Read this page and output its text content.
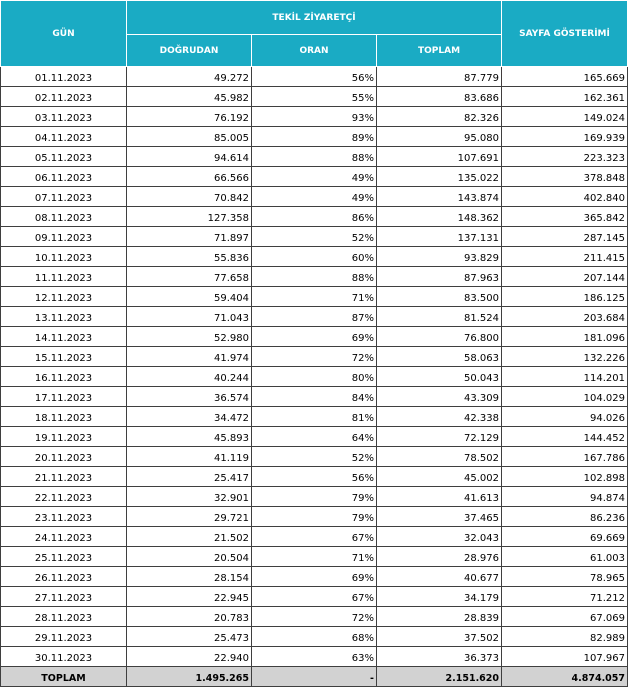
GÜN	TEKİL ZİYARETÇİ			SAYFA GÖSTERİMİ
	DOĞRUDAN	ORAN	TOPLAM	
01.11.2023	49.272	56%	87.779	165.669
02.11.2023	45.982	55%	83.686	162.361
03.11.2023	76.192	93%	82.326	149.024
04.11.2023	85.005	89%	95.080	169.939
05.11.2023	94.614	88%	107.691	223.323
06.11.2023	66.566	49%	135.022	378.848
07.11.2023	70.842	49%	143.874	402.840
08.11.2023	127.358	86%	148.362	365.842
09.11.2023	71.897	52%	137.131	287.145
10.11.2023	55.836	60%	93.829	211.415
11.11.2023	77.658	88%	87.963	207.144
12.11.2023	59.404	71%	83.500	186.125
13.11.2023	71.043	87%	81.524	203.684
14.11.2023	52.980	69%	76.800	181.096
15.11.2023	41.974	72%	58.063	132.226
16.11.2023	40.244	80%	50.043	114.201
17.11.2023	36.574	84%	43.309	104.029
18.11.2023	34.472	81%	42.338	94.026
19.11.2023	45.893	64%	72.129	144.452
20.11.2023	41.119	52%	78.502	167.786
21.11.2023	25.417	56%	45.002	102.898
22.11.2023	32.901	79%	41.613	94.874
23.11.2023	29.721	79%	37.465	86.236
24.11.2023	21.502	67%	32.043	69.669
25.11.2023	20.504	71%	28.976	61.003
26.11.2023	28.154	69%	40.677	78.965
27.11.2023	22.945	67%	34.179	71.212
28.11.2023	20.783	72%	28.839	67.069
29.11.2023	25.473	68%	37.502	82.989
30.11.2023	22.940	63%	36.373	107.967
TOPLAM	1.495.265	-	2.151.620	4.874.057
